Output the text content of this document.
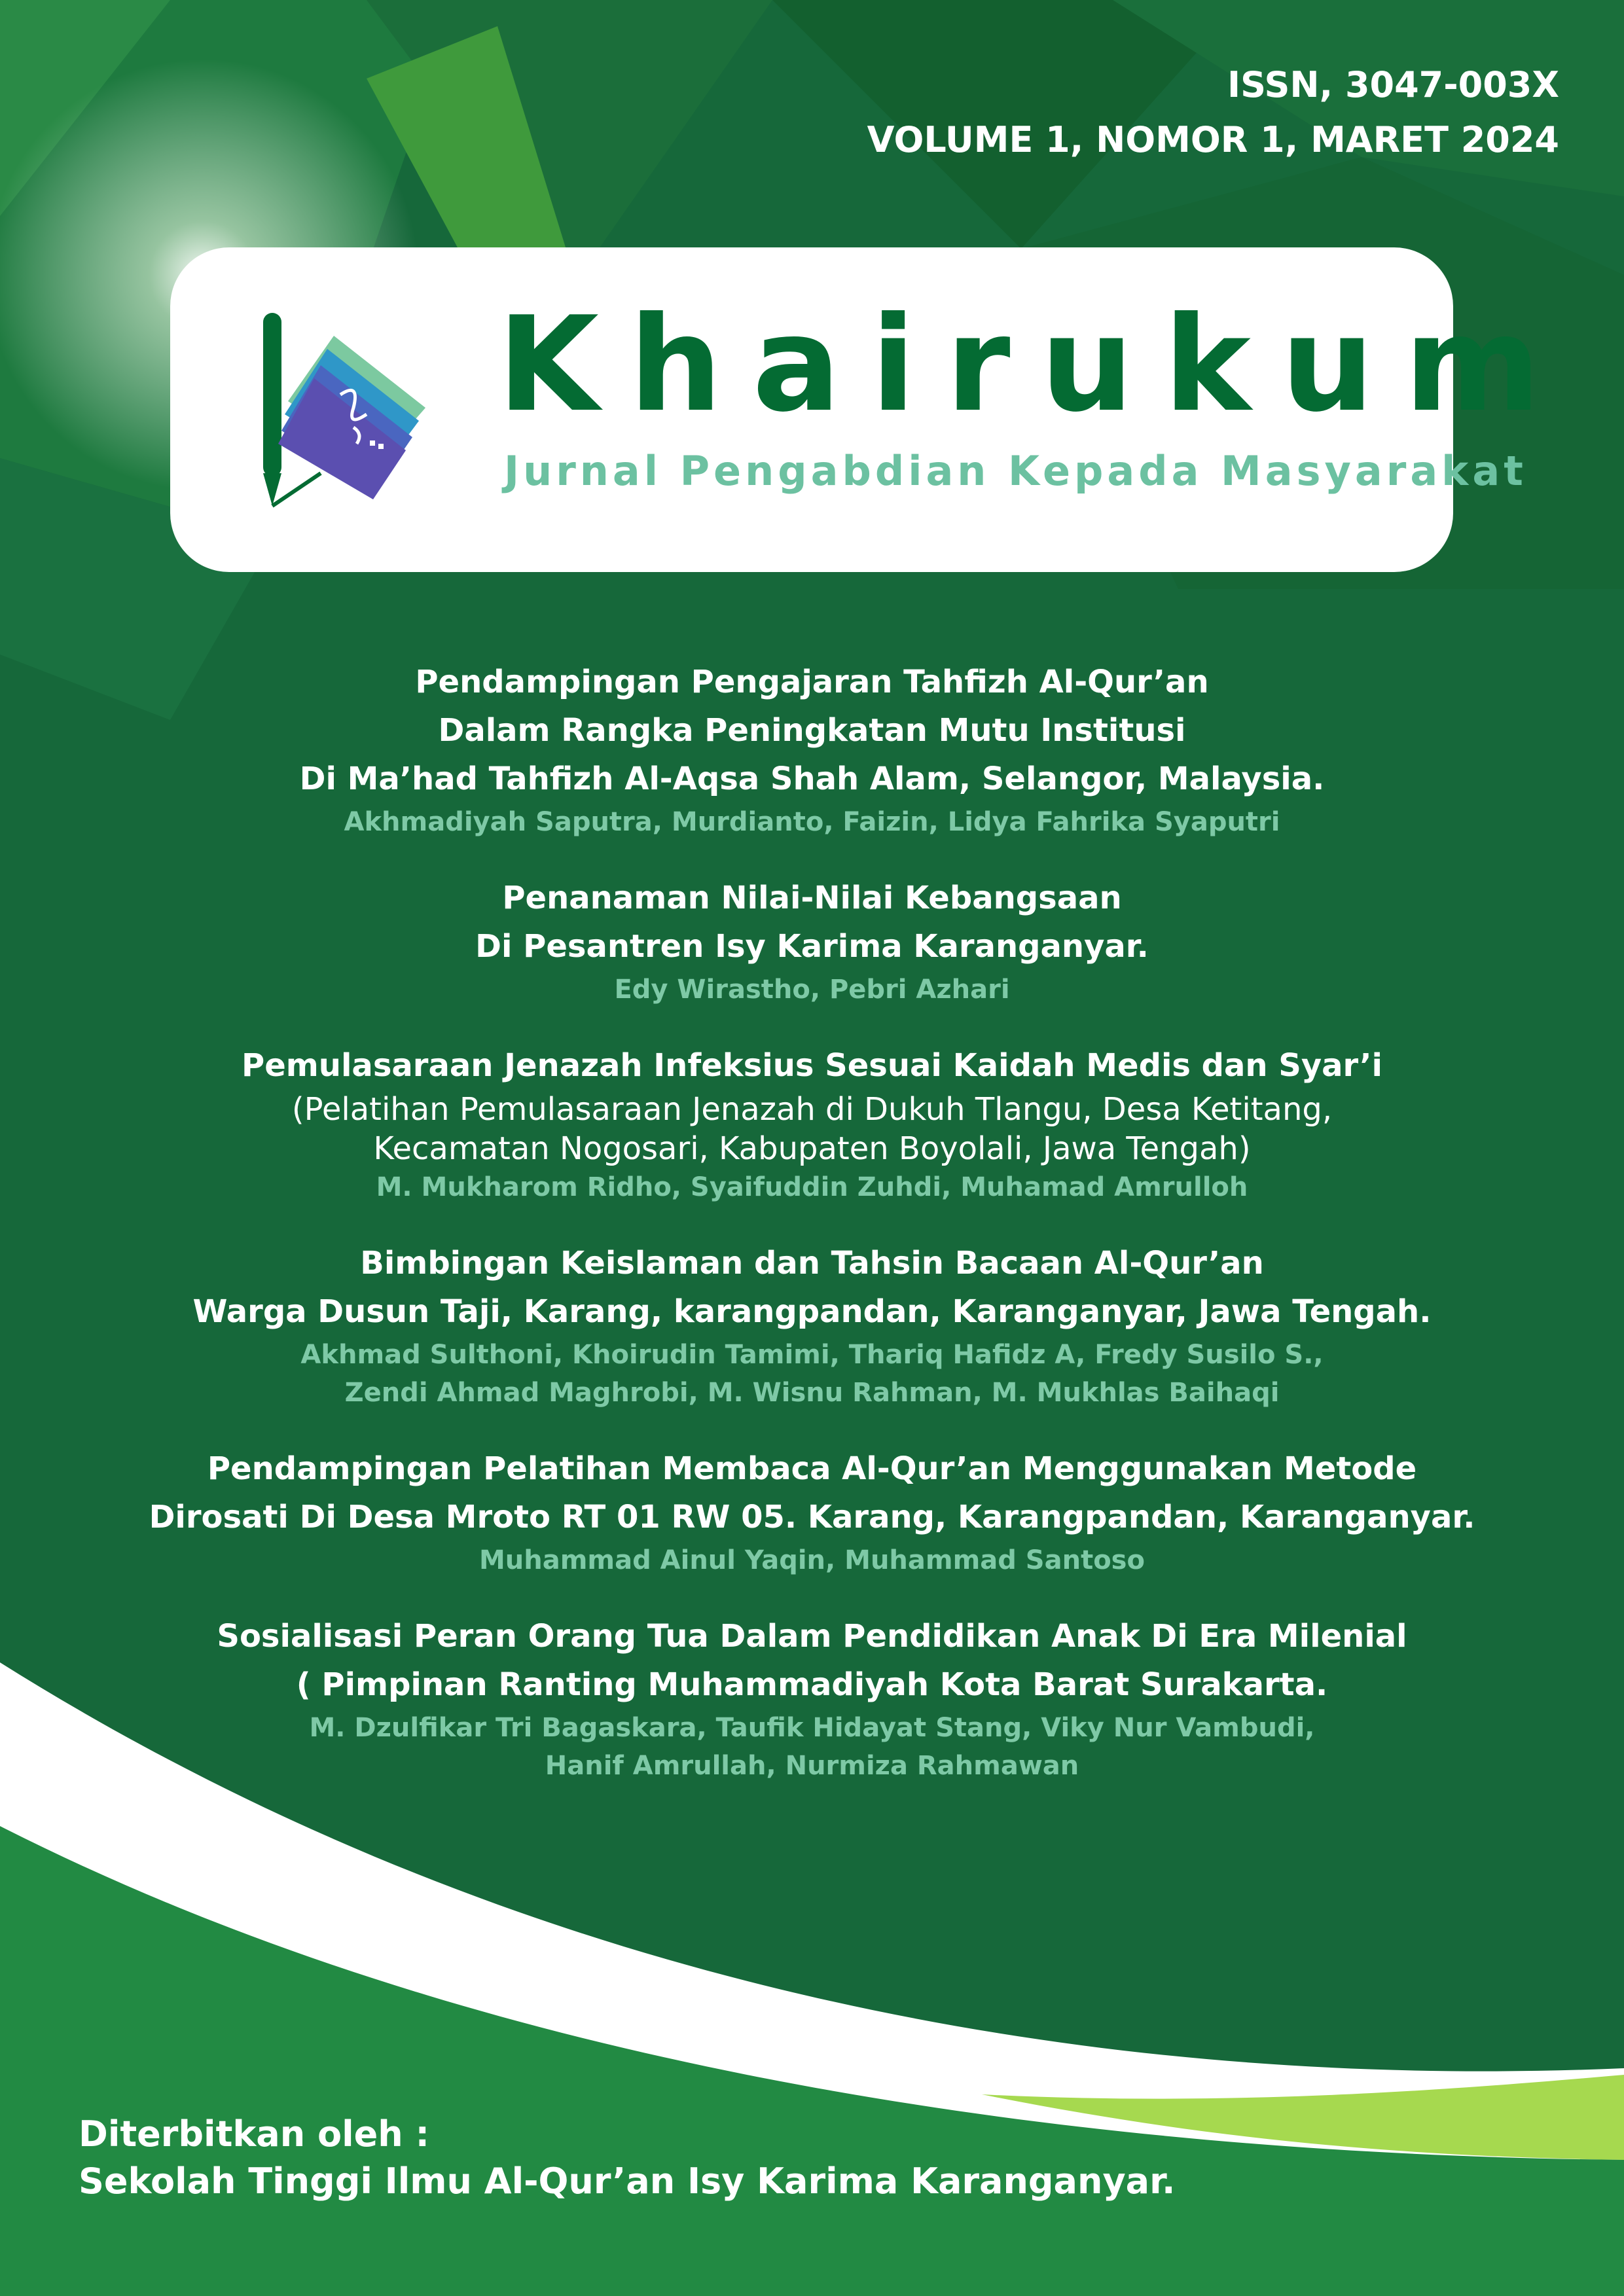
ISSN, 3047-003X
VOLUME 1, NOMOR 1, MARET 2024
Khairukum
Jurnal Pengabdian Kepada Masyarakat
Pendampingan Pengajaran Tahfizh Al-Qur’an
Dalam Rangka Peningkatan Mutu Institusi
Di Ma’had Tahfizh Al-Aqsa Shah Alam, Selangor, Malaysia.
Akhmadiyah Saputra, Murdianto, Faizin, Lidya Fahrika Syaputri
Penanaman Nilai-Nilai Kebangsaan
Di Pesantren Isy Karima Karanganyar.
Edy Wirastho, Pebri Azhari
Pemulasaraan Jenazah Infeksius Sesuai Kaidah Medis dan Syar’i
(Pelatihan Pemulasaraan Jenazah di Dukuh Tlangu, Desa Ketitang,
Kecamatan Nogosari, Kabupaten Boyolali, Jawa Tengah)
M. Mukharom Ridho, Syaifuddin Zuhdi, Muhamad Amrulloh
Bimbingan Keislaman dan Tahsin Bacaan Al-Qur’an
Warga Dusun Taji, Karang, karangpandan, Karanganyar, Jawa Tengah.
Akhmad Sulthoni, Khoirudin Tamimi, Thariq Hafidz A, Fredy Susilo S.,
Zendi Ahmad Maghrobi, M. Wisnu Rahman, M. Mukhlas Baihaqi
Pendampingan Pelatihan Membaca Al-Qur’an Menggunakan Metode
Dirosati Di Desa Mroto RT 01 RW 05. Karang, Karangpandan, Karanganyar.
Muhammad Ainul Yaqin, Muhammad Santoso
Sosialisasi Peran Orang Tua Dalam Pendidikan Anak Di Era Milenial
( Pimpinan Ranting Muhammadiyah Kota Barat Surakarta.
M. Dzulfikar Tri Bagaskara, Taufik Hidayat Stang, Viky Nur Vambudi,
Hanif Amrullah, Nurmiza Rahmawan
Diterbitkan oleh :
Sekolah Tinggi Ilmu Al-Qur’an Isy Karima Karanganyar.
